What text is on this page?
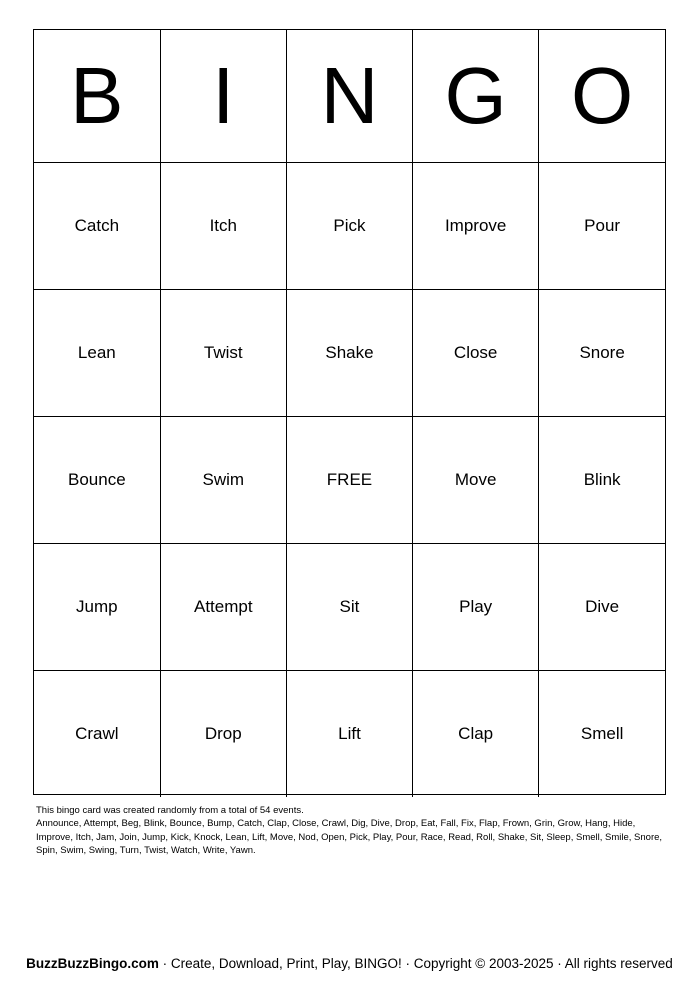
B	I	N	G	O
Catch	Itch	Pick	Improve	Pour
Lean	Twist	Shake	Close	Snore
Bounce	Swim	FREE	Move	Blink
Jump	Attempt	Sit	Play	Dive
Crawl	Drop	Lift	Clap	Smell
This bingo card was created randomly from a total of 54 events.
Announce, Attempt, Beg, Blink, Bounce, Bump, Catch, Clap, Close, Crawl, Dig, Dive, Drop, Eat, Fall, Fix, Flap, Frown, Grin, Grow, Hang, Hide, Improve, Itch, Jam, Join, Jump, Kick, Knock, Lean, Lift, Move, Nod, Open, Pick, Play, Pour, Race, Read, Roll, Shake, Sit, Sleep, Smell, Smile, Snore, Spin, Swim, Swing, Turn, Twist, Watch, Write, Yawn.
BuzzBuzzBingo.com · Create, Download, Print, Play, BINGO! · Copyright © 2003-2025 · All rights reserved
